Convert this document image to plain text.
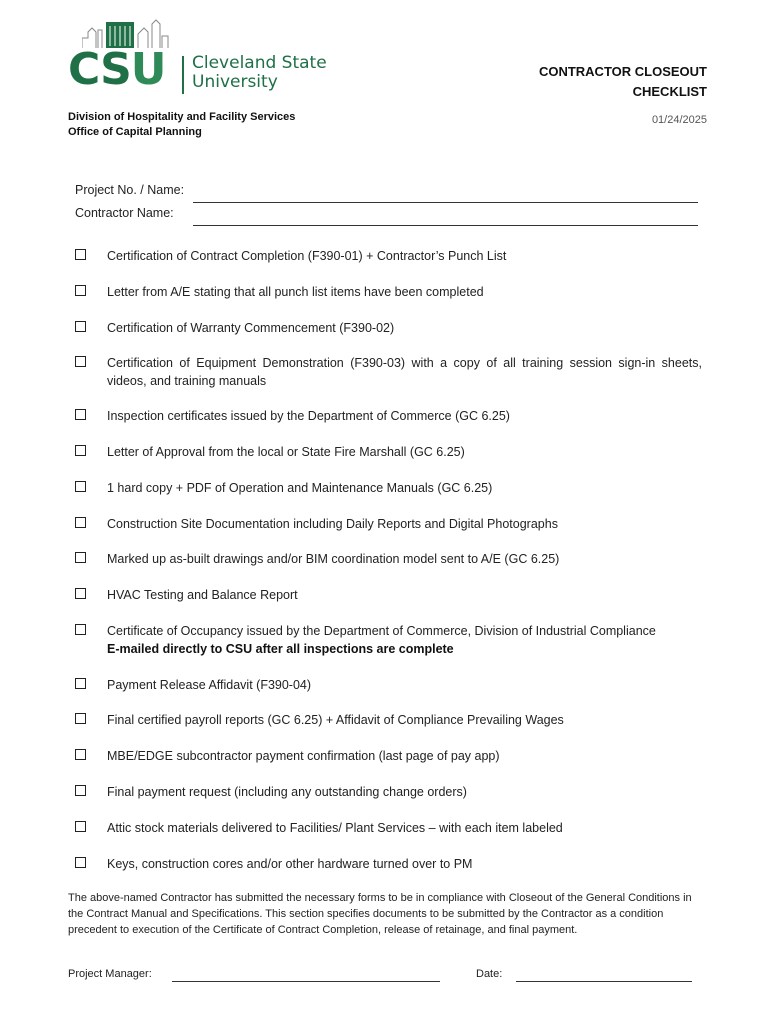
CSU Cleveland State
University
CONTRACTOR CLOSEOUT
CHECKLIST
01/24/2025
Division of Hospitality and Facility Services
Office of Capital Planning
Project No. / Name:
Contractor Name:
Certification of Contract Completion (F390-01) + Contractor’s Punch List
Letter from A/E stating that all punch list items have been completed
Certification of Warranty Commencement (F390-02)
Certification of Equipment Demonstration (F390-03) with a copy of all training session sign-in sheets, videos, and training manuals
Inspection certificates issued by the Department of Commerce (GC 6.25)
Letter of Approval from the local or State Fire Marshall (GC 6.25)
1 hard copy + PDF of Operation and Maintenance Manuals (GC 6.25)
Construction Site Documentation including Daily Reports and Digital Photographs
Marked up as-built drawings and/or BIM coordination model sent to A/E (GC 6.25)
HVAC Testing and Balance Report
Certificate of Occupancy issued by the Department of Commerce, Division of Industrial Compliance
E-mailed directly to CSU after all inspections are complete
Payment Release Affidavit (F390-04)
Final certified payroll reports (GC 6.25) + Affidavit of Compliance Prevailing Wages
MBE/EDGE subcontractor payment confirmation (last page of pay app)
Final payment request (including any outstanding change orders)
Attic stock materials delivered to Facilities/ Plant Services – with each item labeled
Keys, construction cores and/or other hardware turned over to PM
The above-named Contractor has submitted the necessary forms to be in compliance with Closeout of the General Conditions in the Contract Manual and Specifications. This section specifies documents to be submitted by the Contractor as a condition precedent to execution of the Certificate of Contract Completion, release of retainage, and final payment.
Project Manager:	Date:
